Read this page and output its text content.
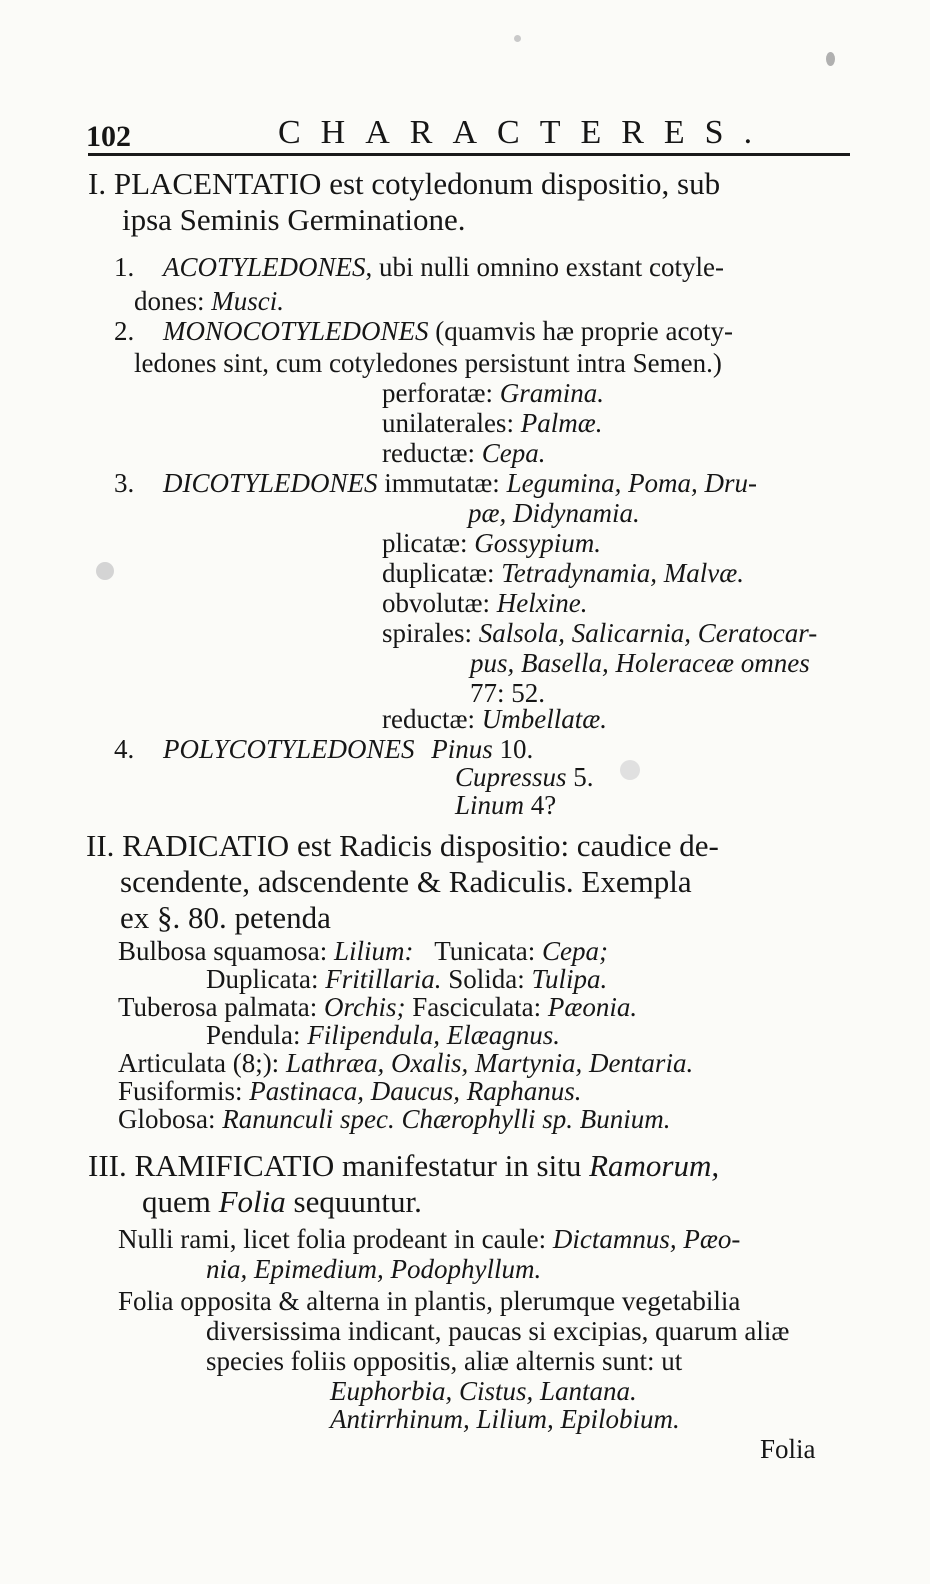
102	CHARACTERES.
I. PLACENTATIO est cotyledonum dispositio, sub
ipsa Seminis Germinatione.
1. ACOTYLEDONES, ubi nulli omnino exstant cotyle-
dones: Musci.
2. MONOCOTYLEDONES (quamvis hæ proprie acoty-
ledones sint, cum cotyledones persistunt intra Semen.)
perforatæ: Gramina.
unilaterales: Palmæ.
reductæ: Cepa.
3. DICOTYLEDONES immutatæ: Legumina, Poma, Dru-
pæ, Didynamia.
plicatæ: Gossypium.
duplicatæ: Tetradynamia, Malvæ.
obvolutæ: Helxine.
spirales: Salsola, Salicarnia, Ceratocar-
pus, Basella, Holeraceæ omnes
77: 52.
reductæ: Umbellatæ.
4. POLYCOTYLEDONES Pinus 10.
Cupressus 5.
Linum 4?
II. RADICATIO est Radicis dispositio: caudice de-
scendente, adscendente & Radiculis. Exempla
ex §. 80. petenda
Bulbosa squamosa: Lilium: Tunicata: Cepa;
Duplicata: Fritillaria. Solida: Tulipa.
Tuberosa palmata: Orchis; Fasciculata: Pæonia.
Pendula: Filipendula, Elæagnus.
Articulata (8;): Lathræa, Oxalis, Martynia, Dentaria.
Fusiformis: Pastinaca, Daucus, Raphanus.
Globosa: Ranunculi spec. Chærophylli sp. Bunium.
III. RAMIFICATIO manifestatur in situ Ramorum,
quem Folia sequuntur.
Nulli rami, licet folia prodeant in caule: Dictamnus, Pæo-
nia, Epimedium, Podophyllum.
Folia opposita & alterna in plantis, plerumque vegetabilia
diversissima indicant, paucas si excipias, quarum aliæ
species foliis oppositis, aliæ alternis sunt: ut
Euphorbia, Cistus, Lantana.
Antirrhinum, Lilium, Epilobium.
Folia
